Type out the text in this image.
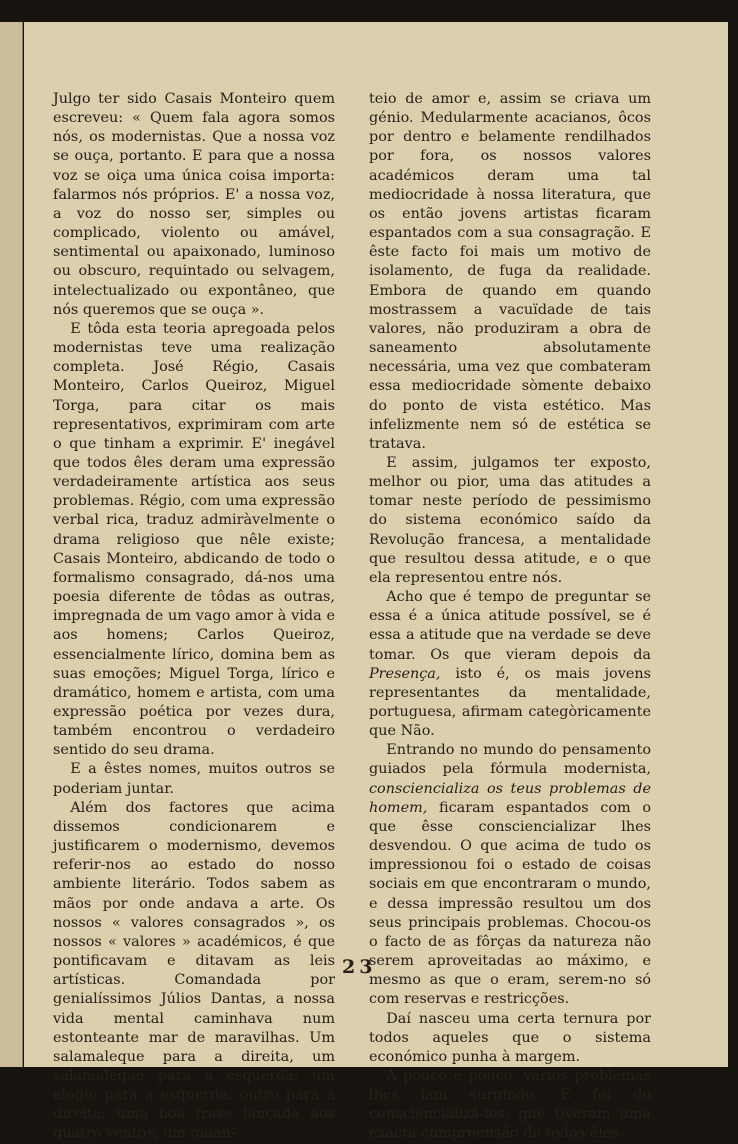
Julgo ter sido Casais Monteiro quem escreveu: « Quem fala agora somos nós, os modernistas. Que a nossa voz se ouça, portanto. E para que a nossa voz se oiça uma única coisa importa: falarmos nós próprios. E' a nossa voz, a voz do nosso ser, simples ou complicado, violento ou amável, sentimental ou apaixonado, luminoso ou obscuro, requintado ou selvagem, intelectualizado ou expontâneo, que nós queremos que se ouça ».

E tôda esta teoria apregoada pelos modernistas teve uma realização completa. José Régio, Casais Monteiro, Carlos Queiroz, Miguel Torga, para citar os mais representativos, exprimiram com arte o que tinham a exprimir. E' inegável que todos êles deram uma expressão verdadeiramente artística aos seus problemas. Régio, com uma expressão verbal rica, traduz admiràvelmente o drama religioso que nêle existe; Casais Monteiro, abdicando de todo o formalismo consagrado, dá-nos uma poesia diferente de tôdas as outras, impregnada de um vago amor à vida e aos homens; Carlos Queiroz, essencialmente lírico, domina bem as suas emoções; Miguel Torga, lírico e dramático, homem e artista, com uma expressão poética por vezes dura, também encontrou o verdadeiro sentido do seu drama.

E a êstes nomes, muitos outros se poderiam juntar.

Além dos factores que acima dissemos condicionarem e justificarem o modernismo, devemos referir-nos ao estado do nosso ambiente literário. Todos sabem as mãos por onde andava a arte. Os nossos « valores consagrados », os nossos « valores » académicos, é que pontificavam e ditavam as leis artísticas. Comandada por genialíssimos Júlios Dantas, a nossa vida mental caminhava num estonteante mar de maravilhas. Um salamaleque para a direita, um salamaleque para a esquerda; um elogio para a esquerda, outro para a direita; uma boa frase lançada aos quatro ventos; um galan-

teio de amor e, assim se criava um génio. Medularmente acacianos, ôcos por dentro e belamente rendilhados por fora, os nossos valores académicos deram uma tal mediocridade à nossa literatura, que os então jovens artistas ficaram espantados com a sua consagração. E êste facto foi mais um motivo de isolamento, de fuga da realidade. Embora de quando em quando mostrassem a vacuïdade de tais valores, não produziram a obra de saneamento absolutamente necessária, uma vez que combateram essa mediocridade sòmente debaixo do ponto de vista estético. Mas infelizmente nem só de estética se tratava.

E assim, julgamos ter exposto, melhor ou pior, uma das atitudes a tomar neste período de pessimismo do sistema económico saído da Revolução francesa, a mentalidade que resultou dessa atitude, e o que ela representou entre nós.

Acho que é tempo de preguntar se essa é a única atitude possível, se é essa a atitude que na verdade se deve tomar. Os que vieram depois da Presença, isto é, os mais jovens representantes da mentalidade, portuguesa, afirmam categòricamente que Não.

Entrando no mundo do pensamento guiados pela fórmula modernista, consciencializa os teus problemas de homem, ficaram espantados com o que êsse consciencializar lhes desvendou. O que acima de tudo os impressionou foi o estado de coisas sociais em que encontraram o mundo, e dessa impressão resultou um dos seus principais problemas. Chocou-os o facto de as fôrças da natureza não serem aproveitadas ao máximo, e mesmo as que o eram, serem-no só com reservas e restricções.

Daí nasceu uma certa ternura por todos aqueles que o sistema económico punha à margem.

A pouco e pouco, vários problemas lhes iam surgindo. E foi do consciencializá-los, que tiveram uma exacta compreensão de todos êles.

23
